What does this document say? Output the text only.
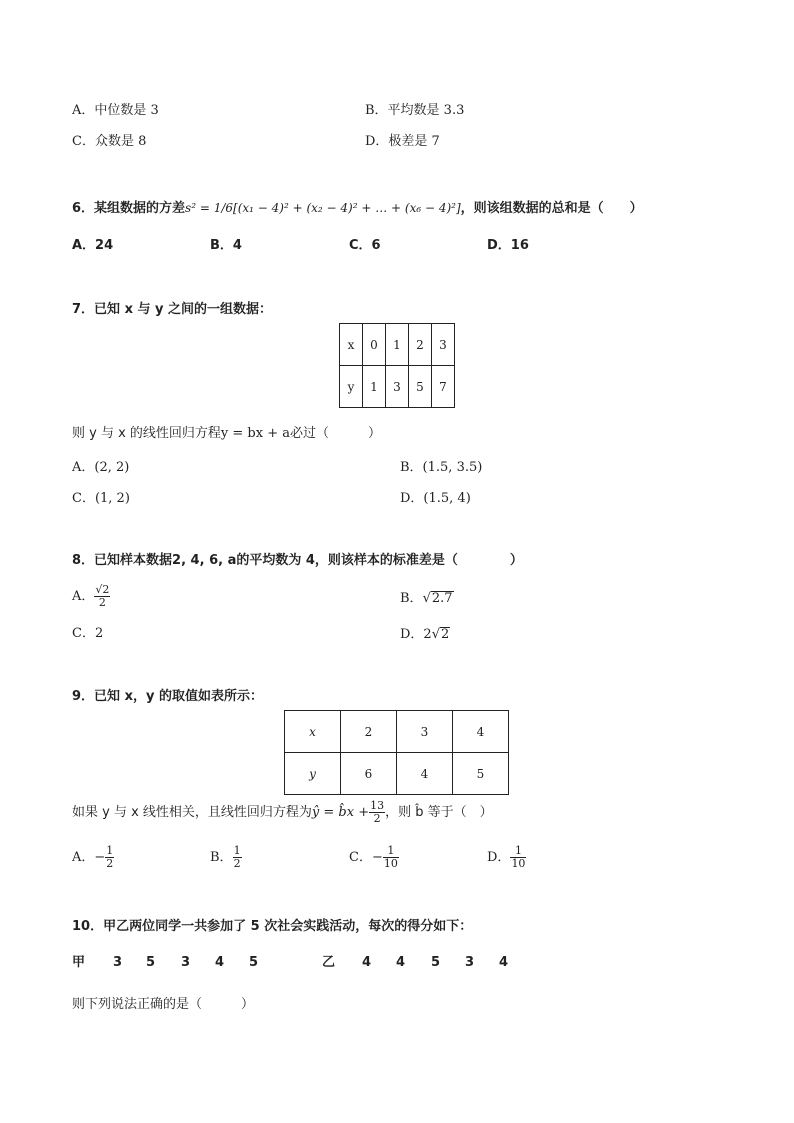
A．中位数是 3	B．平均数是 3.3
C．众数是 8	D．极差是 7
6．某组数据的方差s² = 1/6[(x₁ − 4)² + (x₂ − 4)² + … + (x₆ − 4)²]，则该组数据的总和是（　　）
A．24	B．4	C．6	D．16
7．已知 x 与 y 之间的一组数据：
x	0	1	2	3
y	1	3	5	7
则 y 与 x 的线性回归方程y = bx + a必过（　　　）
A．(2, 2)	B．(1.5, 3.5)
C．(1, 2)	D．(1.5, 4)
8．已知样本数据2, 4, 6, a的平均数为 4，则该样本的标准差是（　　　　）
A． $\frac{√2}{2}$	B．√2.7
C．2	D．2√2
9．已知 x，y 的取值如表所示：
x	2	3	4
y	6	4	5
如果 y 与 x 线性相关，且线性回归方程为ŷ = b̂x + $\frac{13}{2}$ ，则 b̂ 等于（　）
A．− $\frac{1}{2}$	B． $\frac{1}{2}$	C．− $\frac{1}{10}$	D． $\frac{1}{10}$
10．甲乙两位同学一共参加了 5 次社会实践活动，每次的得分如下：
甲 3 5 3 4 5	乙 4 4 5 3 4
则下列说法正确的是（　　　）
